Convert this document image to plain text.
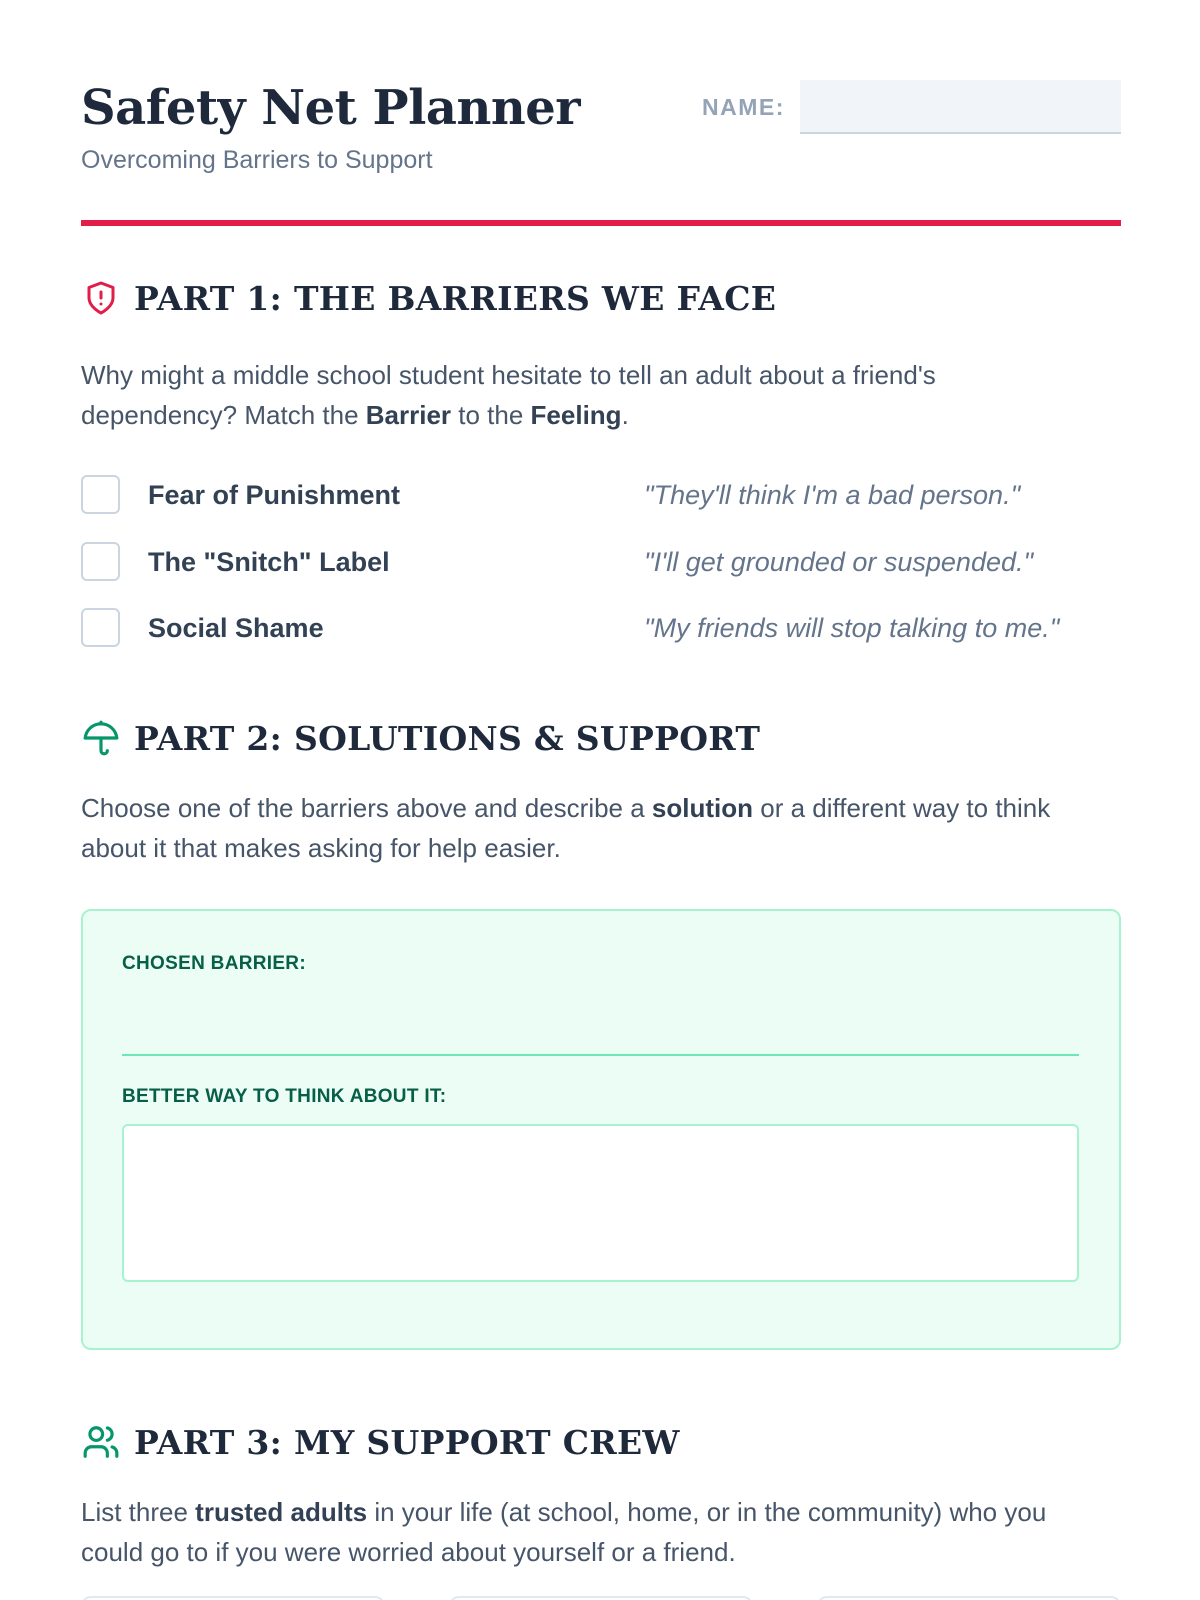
Safety Net Planner
Overcoming Barriers to Support
NAME:
PART 1: THE BARRIERS WE FACE

Why might a middle school student hesitate to tell an adult about a friend's dependency? Match the Barrier to the Feeling.

Fear of Punishment	"They'll think I'm a bad person."
The "Snitch" Label	"I'll get grounded or suspended."
Social Shame	"My friends will stop talking to me."
PART 2: SOLUTIONS & SUPPORT

Choose one of the barriers above and describe a solution or a different way to think about it that makes asking for help easier.

CHOSEN BARRIER:
BETTER WAY TO THINK ABOUT IT:
PART 3: MY SUPPORT CREW

List three trusted adults in your life (at school, home, or in the community) who you could go to if you were worried about yourself or a friend.
